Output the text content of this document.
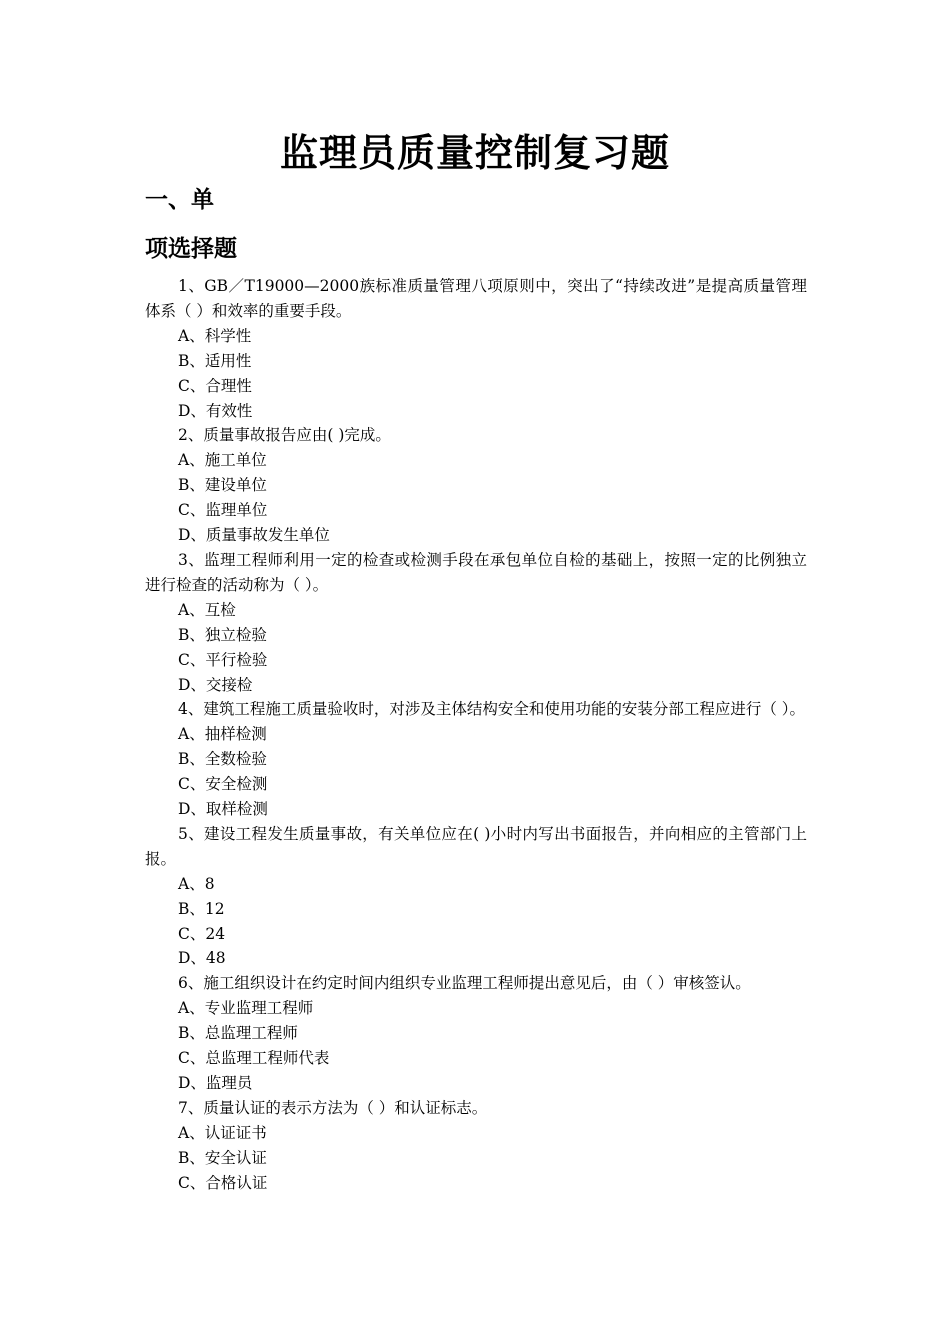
监理员质量控制复习题
一、单
项选择题

1、GB／T19000—2000族标准质量管理八项原则中，突出了“持续改进”是提高质量管理体系（ ）和效率的重要手段。

A、科学性

B、适用性

C、合理性

D、有效性

2、质量事故报告应由( )完成。

A、施工单位

B、建设单位

C、监理单位

D、质量事故发生单位

3、监理工程师利用一定的检查或检测手段在承包单位自检的基础上，按照一定的比例独立进行检查的活动称为（ ）。

A、互检

B、独立检验

C、平行检验

D、交接检

4、建筑工程施工质量验收时，对涉及主体结构安全和使用功能的安装分部工程应进行（ ）。

A、抽样检测

B、全数检验

C、安全检测

D、取样检测

5、建设工程发生质量事故，有关单位应在( )小时内写出书面报告，并向相应的主管部门上报。

A、8

B、12

C、24

D、48

6、施工组织设计在约定时间内组织专业监理工程师提出意见后，由（ ）审核签认。

A、专业监理工程师

B、总监理工程师

C、总监理工程师代表

D、监理员

7、质量认证的表示方法为（ ）和认证标志。

A、认证证书

B、安全认证

C、合格认证
